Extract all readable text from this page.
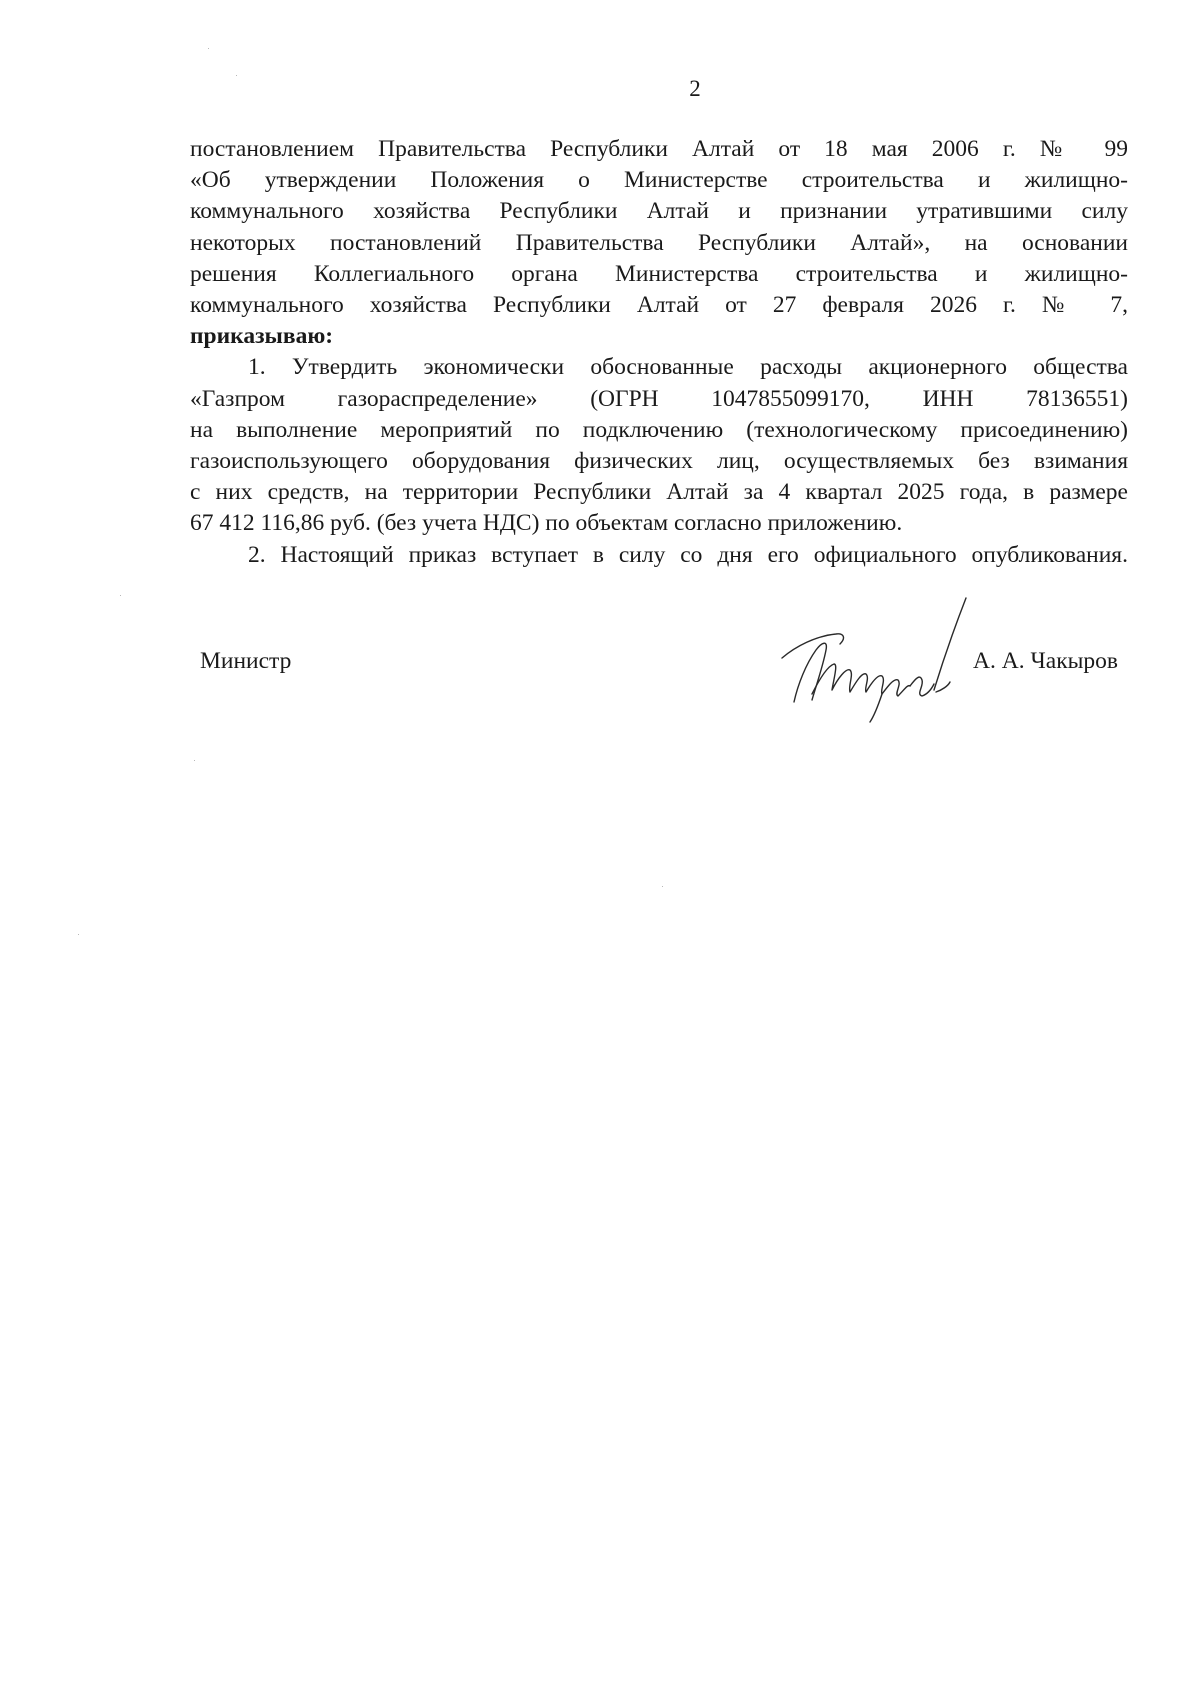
2
постановлением Правительства Республики Алтай от 18 мая 2006 г. № 99
«Об утверждении Положения о Министерстве строительства и жилищно-
коммунального хозяйства Республики Алтай и признании утратившими силу
некоторых постановлений Правительства Республики Алтай», на основании
решения Коллегиального органа Министерства строительства и жилищно-
коммунального хозяйства Республики Алтай от 27 февраля 2026 г. № 7,
приказываю:
1. Утвердить экономически обоснованные расходы акционерного общества
«Газпром газораспределение» (ОГРН 1047855099170, ИНН 78136551)
на выполнение мероприятий по подключению (технологическому присоединению)
газоиспользующего оборудования физических лиц, осуществляемых без взимания
с них средств, на территории Республики Алтай за 4 квартал 2025 года, в размере
67 412 116,86 руб. (без учета НДС) по объектам согласно приложению.
2. Настоящий приказ вступает в силу со дня его официального опубликования.
Министр	А. А. Чакыров
